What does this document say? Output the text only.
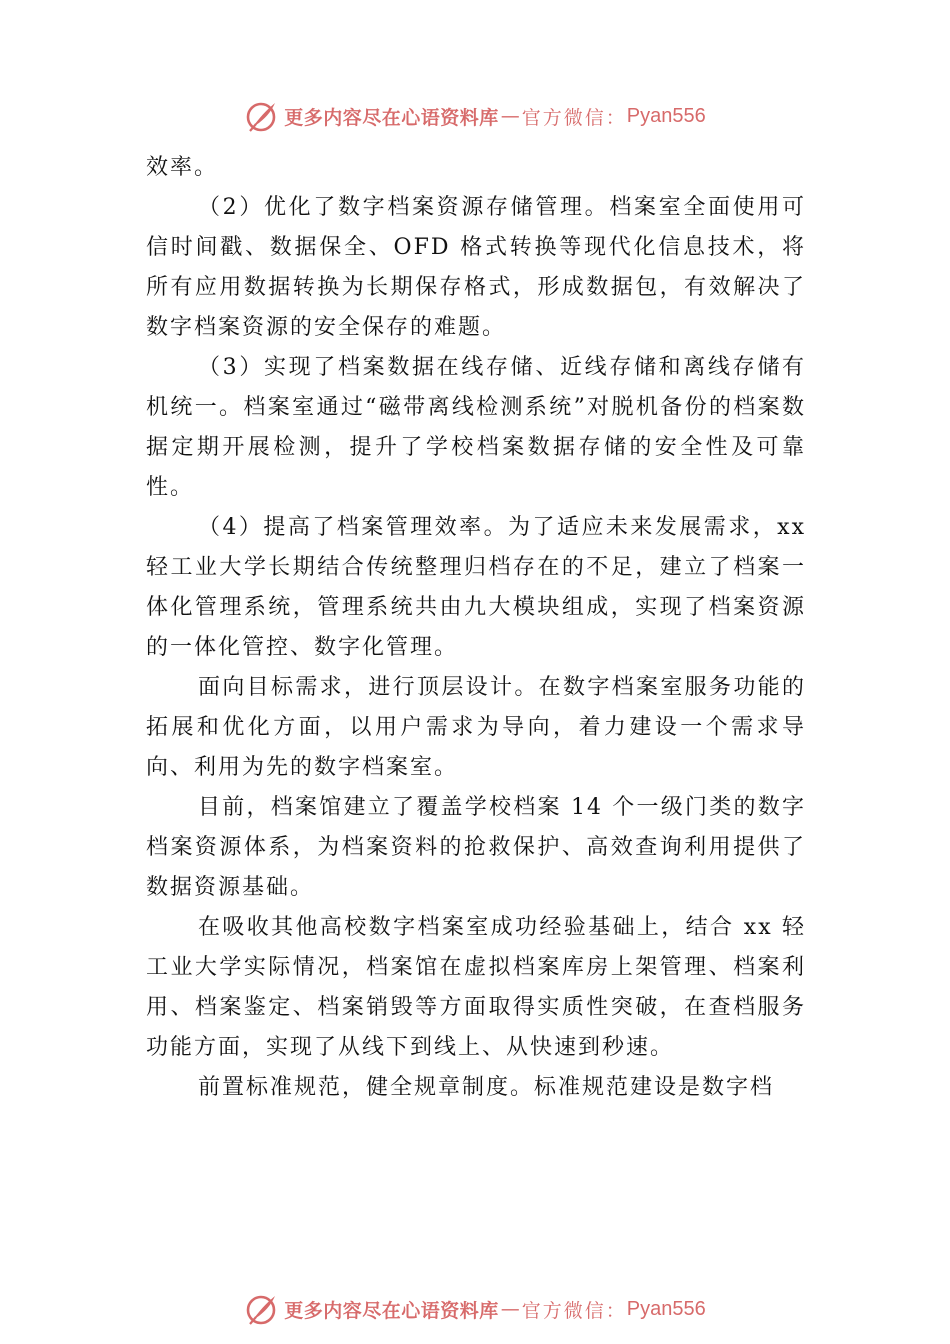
更多内容尽在心语资料库 — 官方微信： Pyan556

效率。

（2）优化了数字档案资源存储管理。档案室全面使用可信时间戳、数据保全、OFD 格式转换等现代化信息技术，将所有应用数据转换为长期保存格式，形成数据包，有效解决了数字档案资源的安全保存的难题。

（3）实现了档案数据在线存储、近线存储和离线存储有机统一。档案室通过“磁带离线检测系统”对脱机备份的档案数据定期开展检测，提升了学校档案数据存储的安全性及可靠性。

（4）提高了档案管理效率。为了适应未来发展需求，xx 轻工业大学长期结合传统整理归档存在的不足，建立了档案一体化管理系统，管理系统共由九大模块组成，实现了档案资源的一体化管控、数字化管理。

面向目标需求，进行顶层设计。在数字档案室服务功能的拓展和优化方面，以用户需求为导向，着力建设一个需求导向、利用为先的数字档案室。

目前，档案馆建立了覆盖学校档案 14 个一级门类的数字档案资源体系，为档案资料的抢救保护、高效查询利用提供了数据资源基础。

在吸收其他高校数字档案室成功经验基础上，结合 xx 轻工业大学实际情况，档案馆在虚拟档案库房上架管理、档案利用、档案鉴定、档案销毁等方面取得实质性突破，在查档服务功能方面，实现了从线下到线上、从快速到秒速。

前置标准规范，健全规章制度。标准规范建设是数字档

更多内容尽在心语资料库 — 官方微信： Pyan556
